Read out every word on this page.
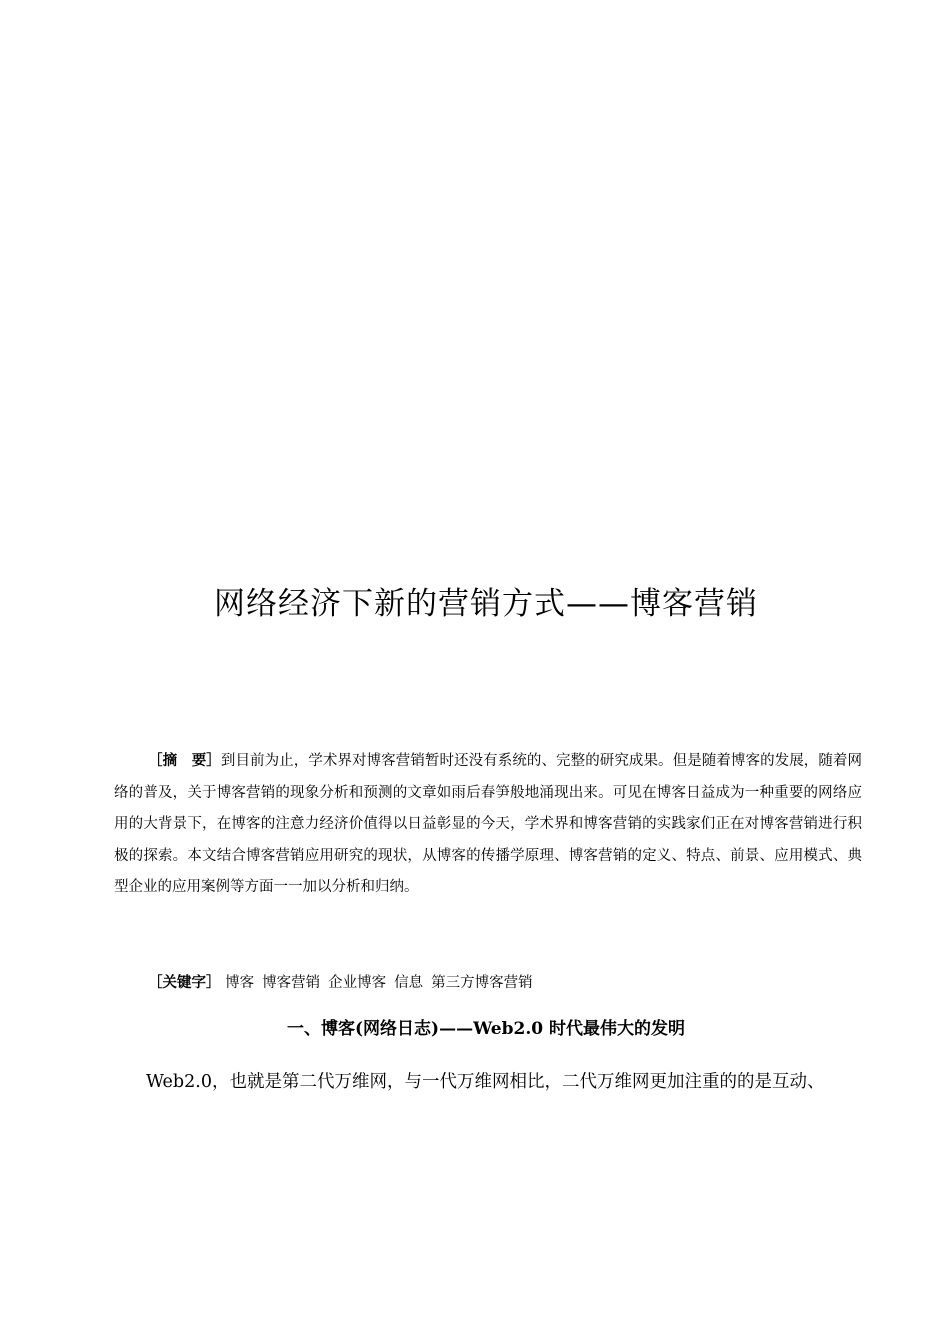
网络经济下新的营销方式——博客营销

［摘　要］到目前为止，学术界对博客营销暂时还没有系统的、完整的研究成果。但是随着博客的发展，随着网络的普及，关于博客营销的现象分析和预测的文章如雨后春笋般地涌现出来。可见在博客日益成为一种重要的网络应用的大背景下，在博客的注意力经济价值得以日益彰显的今天，学术界和博客营销的实践家们正在对博客营销进行积极的探索。本文结合博客营销应用研究的现状，从博客的传播学原理、博客营销的定义、特点、前景、应用模式、典型企业的应用案例等方面一一加以分析和归纳。

［关键字］ 博客 博客营销 企业博客 信息 第三方博客营销

一、博客(网络日志)——Web2.0 时代最伟大的发明

Web2.0，也就是第二代万维网，与一代万维网相比，二代万维网更加注重的的是互动、
